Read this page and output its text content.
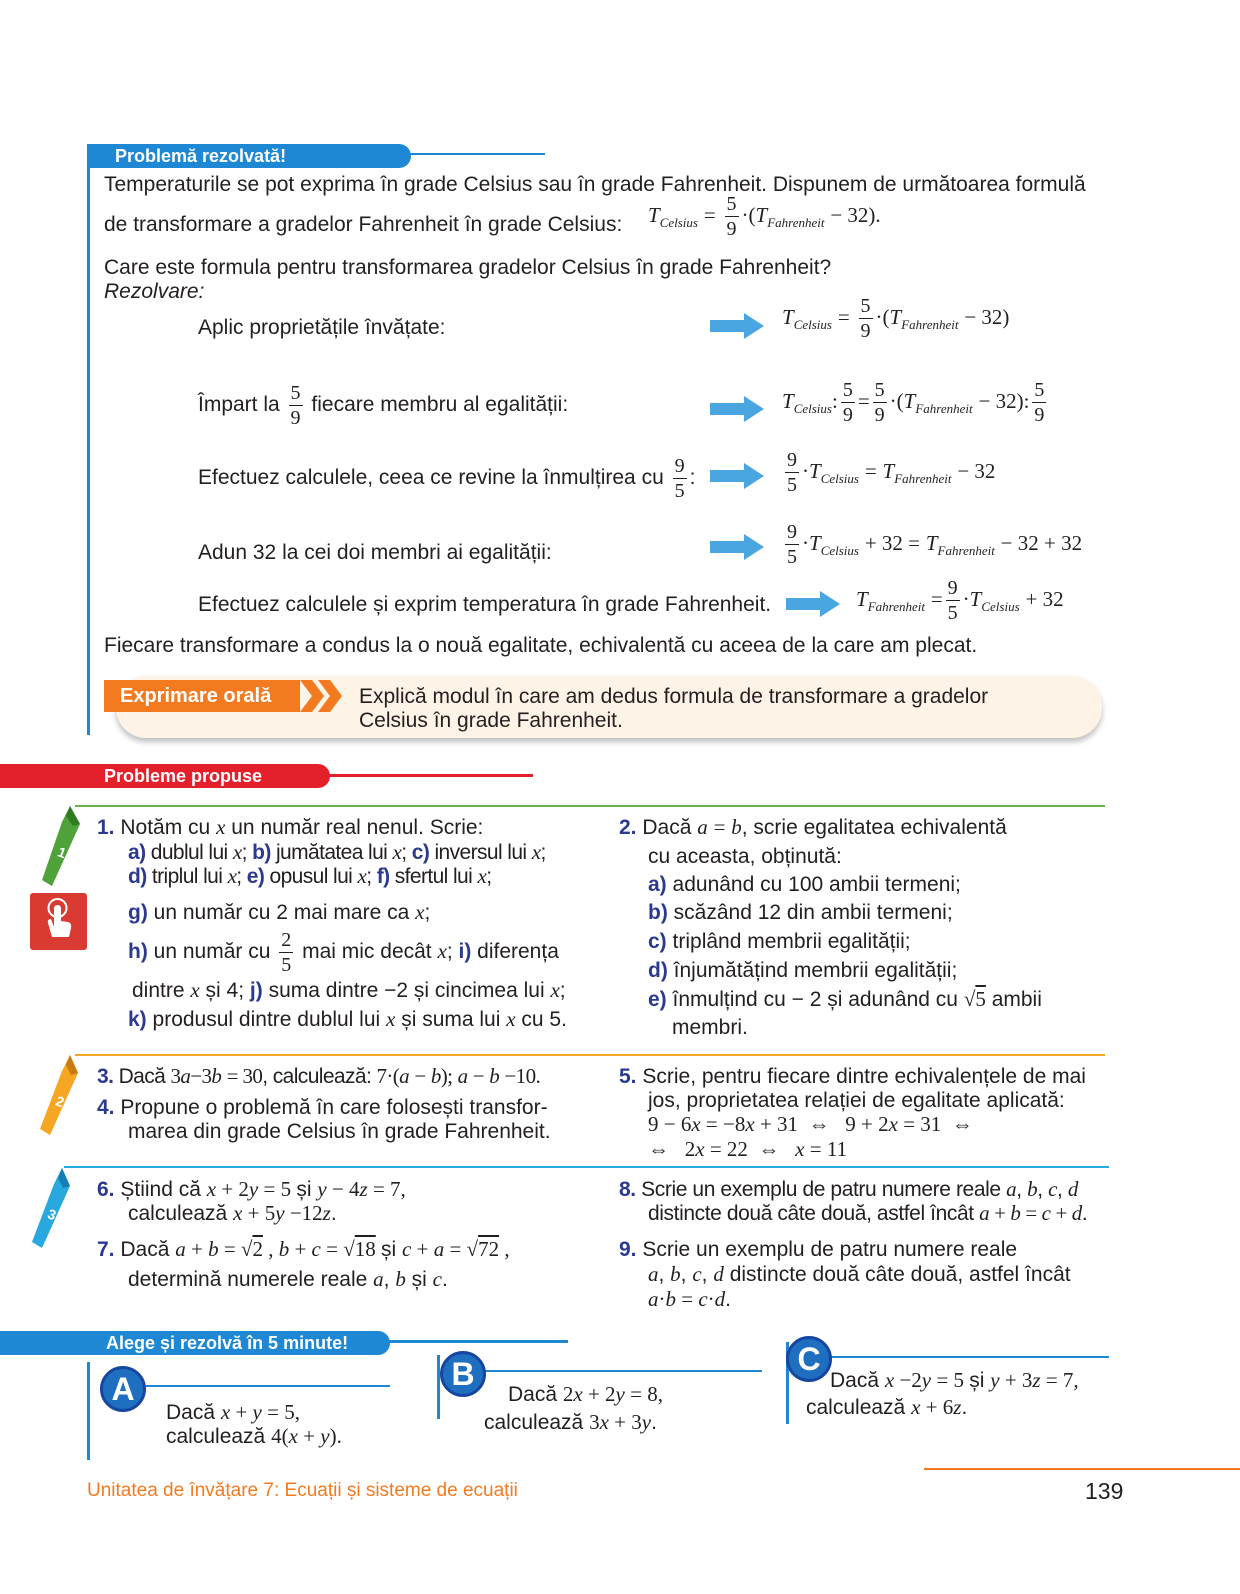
Problemă rezolvată!
Temperaturile se pot exprima în grade Celsius sau în grade Fahrenheit. Dispunem de următoarea formulă
de transformare a gradelor Fahrenheit în grade Celsius: $T_{Celsius} = \frac{5}{9} \cdot(T_{Fahrenheit} - 32)$.
Care este formula pentru transformarea gradelor Celsius în grade Fahrenheit?
Rezolvare:
Aplic proprietățile învățate:	$T_{Celsius} = \frac{5}{9} \cdot(T_{Fahrenheit} - 32)$
Împart la $\frac{5}{9}$ fiecare membru al egalității:	$T_{Celsius}$: $\frac{5}{9} = \frac{5}{9} \cdot(T_{Fahrenheit} - 32)$: $\frac{5}{9}$
Efectuez calculele, ceea ce revine la înmulțirea cu $\frac{9}{5}$ :	$\frac{9}{5} \cdot T_{Celsius} = T_{Fahrenheit} - 32$
Adun 32 la cei doi membri ai egalității:	$\frac{9}{5} \cdot T_{Celsius} + 32 = T_{Fahrenheit} - 32 + 32$
Efectuez calculele și exprim temperatura în grade Fahrenheit.	$T_{Fahrenheit} = \frac{9}{5} \cdot T_{Celsius} + 32$
Fiecare transformare a condus la o nouă egalitate, echivalentă cu aceea de la care am plecat.
Exprimare orală	Explică modul în care am dedus formula de transformare a gradelor
Celsius în grade Fahrenheit.
Probleme propuse
1
1. Notăm cu x un număr real nenul. Scrie:
a) dublul lui x; b) jumătatea lui x; c) inversul lui x;
d) triplul lui x; e) opusul lui x; f) sfertul lui x;
g) un număr cu 2 mai mare ca x;
h) un număr cu $\frac{2}{5}$ mai mic decât x; i) diferența
dintre x și 4; j) suma dintre −2 și cincimea lui x;
k) produsul dintre dublul lui x și suma lui x cu 5.
2. Dacă a = b, scrie egalitatea echivalentă
cu aceasta, obținută:
a) adunând cu 100 ambii termeni;
b) scăzând 12 din ambii termeni;
c) triplând membrii egalității;
d) înjumătățind membrii egalității;
e) înmulțind cu − 2 și adunând cu √5 ambii
membri.
2
3. Dacă 3a−3b = 30, calculează: 7·(a − b); a − b −10.
4. Propune o problemă în care folosești transfor-
marea din grade Celsius în grade Fahrenheit.
5. Scrie, pentru fiecare dintre echivalențele de mai
jos, proprietatea relației de egalitate aplicată:
9 − 6x = −8x + 31  ⇔   9 + 2x = 31  ⇔
⇔   2x = 22  ⇔   x = 11
3
6. Știind că x + 2y = 5 și y − 4z = 7,
calculează x + 5y −12z.
7. Dacă a + b = √2 , b + c = √18 și c + a = √72 ,
determină numerele reale a, b și c.
8. Scrie un exemplu de patru numere reale a, b, c, d
distincte două câte două, astfel încât a + b = c + d.
9. Scrie un exemplu de patru numere reale
a, b, c, d distincte două câte două, astfel încât
a·b = c·d.
Alege și rezolvă în 5 minute!
A
Dacă x + y = 5,
calculează 4(x + y).
B
Dacă 2x + 2y = 8,
calculează 3x + 3y.
C
Dacă x −2y = 5 și y + 3z = 7,
calculează x + 6z.
Unitatea de învățare 7: Ecuații și sisteme de ecuații	139
